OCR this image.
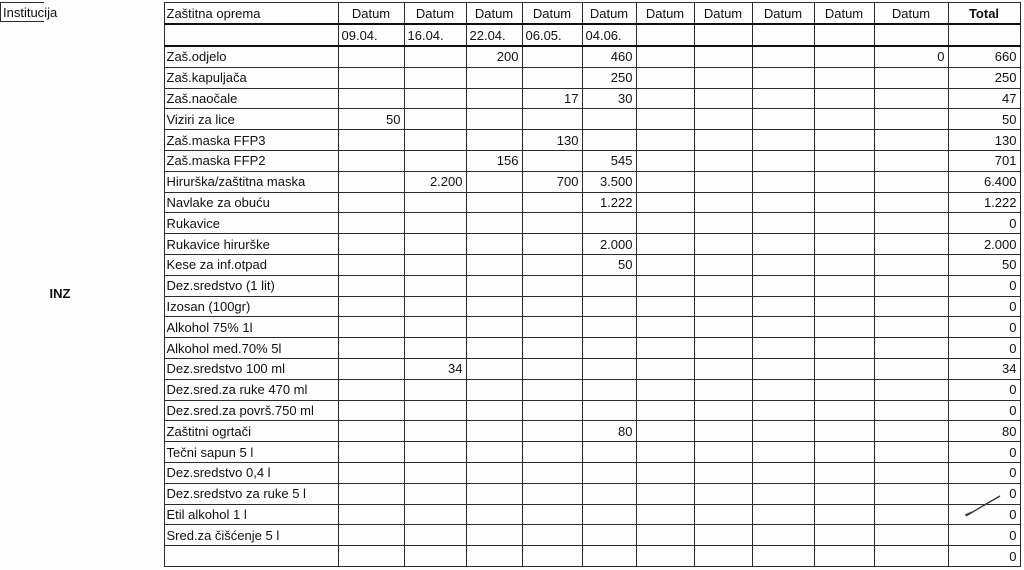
Institucija
INZ
	Zaštitna oprema	Datum	Datum	Datum	Datum	Datum	Datum	Datum	Datum	Datum	Datum	Total
		09.04.	16.04.	22.04.	06.05.	04.06.						
	Zaš.odjelo			200		460					0	660
	Zaš.kapuljača					250						250
	Zaš.naočale				17	30						47
	Viziri za lice	50										50
	Zaš.maska FFP3				130							130
	Zaš.maska FFP2			156		545						701
	Hirurška/zaštitna maska		2.200		700	3.500						6.400
	Navlake za obuću					1.222						1.222
	Rukavice											0
	Rukavice hirurške					2.000						2.000
	Kese za inf.otpad					50						50
	Dez.sredstvo (1 lit)											0
	Izosan (100gr)											0
	Alkohol 75% 1l											0
	Alkohol med.70% 5l											0
	Dez.sredstvo 100 ml		34									34
	Dez.sred.za ruke 470 ml											0
	Dez.sred.za površ.750 ml											0
	Zaštitni ogrtači					80						80
	Tečni sapun 5 l											0
	Dez.sredstvo 0,4 l											0
	Dez.sredstvo za ruke 5 l											0
	Etil alkohol 1 l											0
	Sred.za čišćenje 5 l											0
												0
